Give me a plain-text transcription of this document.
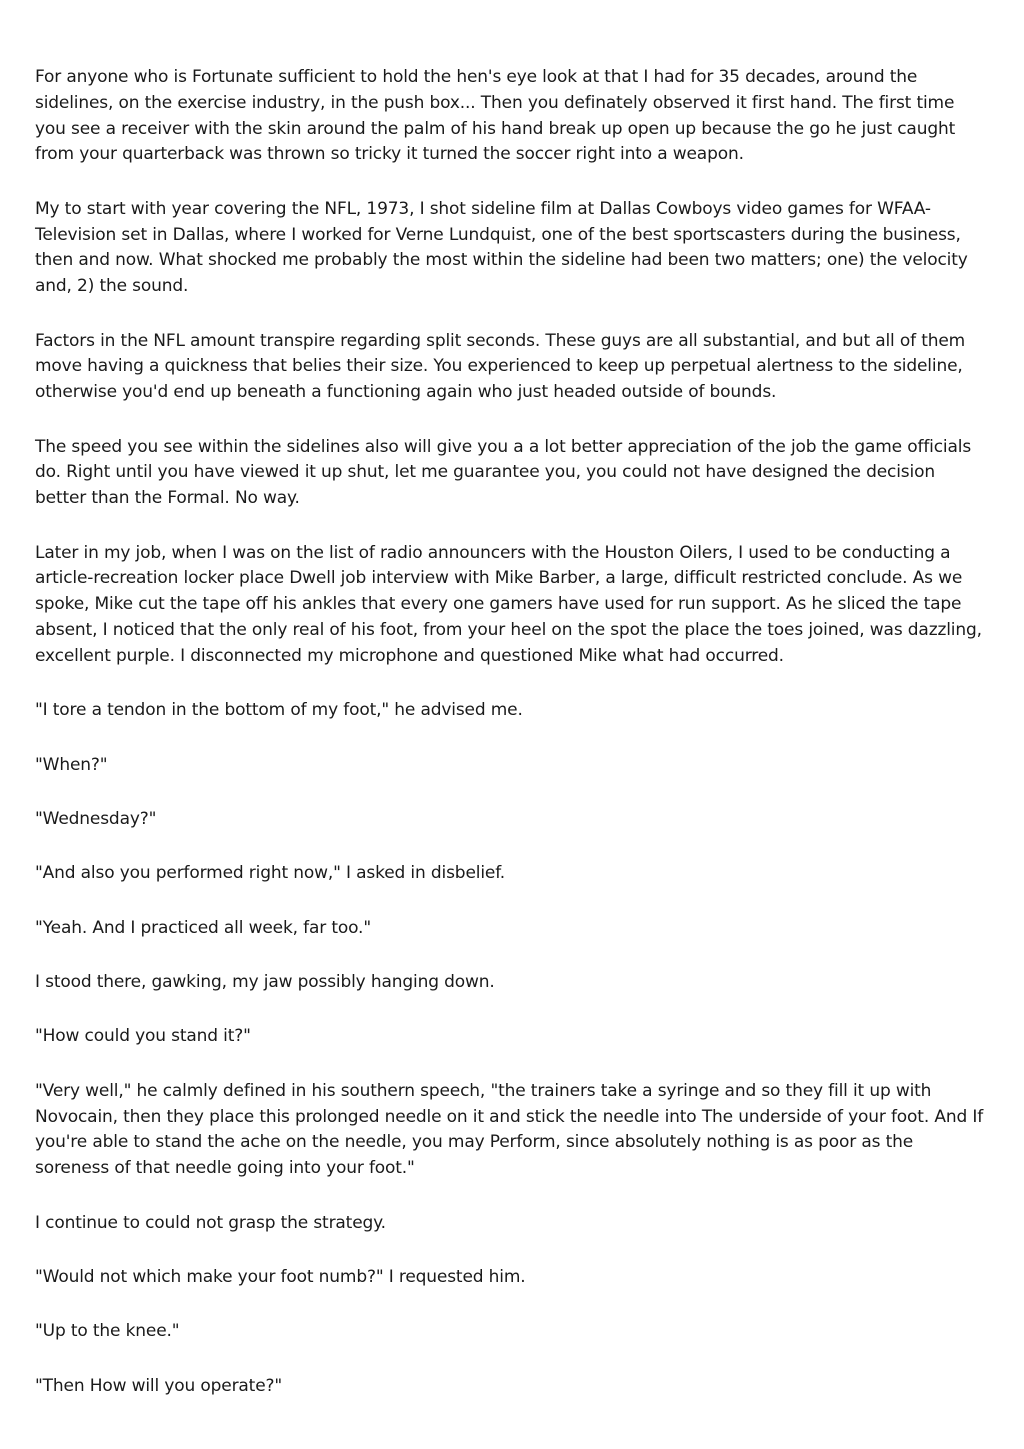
For anyone who is Fortunate sufficient to hold the hen's eye look at that I had for 35 decades, around the sidelines, on the exercise industry, in the push box... Then you definately observed it first hand. The first time you see a receiver with the skin around the palm of his hand break up open up because the go he just caught from your quarterback was thrown so tricky it turned the soccer right into a weapon.

My to start with year covering the NFL, 1973, I shot sideline film at Dallas Cowboys video games for WFAA-Television set in Dallas, where I worked for Verne Lundquist, one of the best sportscasters during the business, then and now. What shocked me probably the most within the sideline had been two matters; one) the velocity and, 2) the sound.

Factors in the NFL amount transpire regarding split seconds. These guys are all substantial, and but all of them move having a quickness that belies their size. You experienced to keep up perpetual alertness to the sideline, otherwise you'd end up beneath a functioning again who just headed outside of bounds.

The speed you see within the sidelines also will give you a a lot better appreciation of the job the game officials do. Right until you have viewed it up shut, let me guarantee you, you could not have designed the decision better than the Formal. No way.

Later in my job, when I was on the list of radio announcers with the Houston Oilers, I used to be conducting a article-recreation locker place Dwell job interview with Mike Barber, a large, difficult restricted conclude. As we spoke, Mike cut the tape off his ankles that every one gamers have used for run support. As he sliced the tape absent, I noticed that the only real of his foot, from your heel on the spot the place the toes joined, was dazzling, excellent purple. I disconnected my microphone and questioned Mike what had occurred.

"I tore a tendon in the bottom of my foot," he advised me.

"When?"

"Wednesday?"

"And also you performed right now," I asked in disbelief.

"Yeah. And I practiced all week, far too."

I stood there, gawking, my jaw possibly hanging down.

"How could you stand it?"

"Very well," he calmly defined in his southern speech, "the trainers take a syringe and so they fill it up with Novocain, then they place this prolonged needle on it and stick the needle into The underside of your foot. And If you're able to stand the ache on the needle, you may Perform, since absolutely nothing is as poor as the soreness of that needle going into your foot."

I continue to could not grasp the strategy.

"Would not which make your foot numb?" I requested him.

"Up to the knee."

"Then How will you operate?"
